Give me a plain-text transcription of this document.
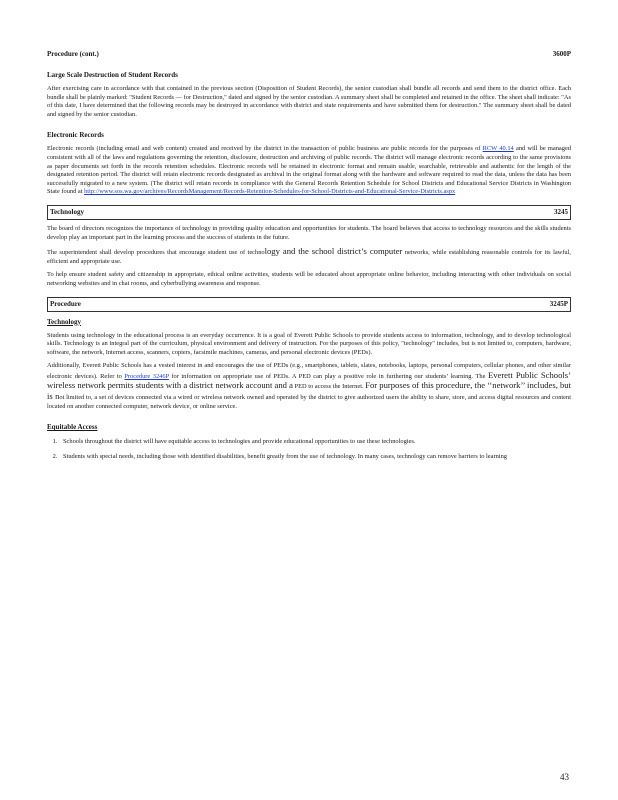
Procedure (cont.)	3600P
Large Scale Destruction of Student Records

After exercising care in accordance with that contained in the previous section (Disposition of Student Records), the senior custodian shall bundle all records and send them to the district office. Each bundle shall be plainly marked: "Student Records — for Destruction," dated and signed by the senior custodian. A summary sheet shall be completed and retained in the office. The sheet shall indicate: "As of this date, I have determined that the following records may be destroyed in accordance with district and state requirements and have submitted them for destruction." The summary sheet shall be dated and signed by the senior custodian.

Electronic Records

Electronic records (including email and web content) created and received by the district in the transaction of public business are public records for the purposes of RCW 40.14 and will be managed consistent with all of the laws and regulations governing the retention, disclosure, destruction and archiving of public records. The district will manage electronic records according to the same provisions as paper documents set forth in the records retention schedules. Electronic records will be retained in electronic format and remain usable, searchable, retrievable and authentic for the length of the designated retention period. The district will retain electronic records designated as archival in the original format along with the hardware and software required to read the data, unless the data has been successfully migrated to a new system. (The district will retain records in compliance with the General Records Retention Schedule for School Districts and Educational Service Districts in Washington State found at http://www.sos.wa.gov/archives/RecordsManagement/Records-Retention-Schedules-for-School-Districts-and-Educational-Service-Districts.aspx

Technology	3245

The board of directors recognizes the importance of technology in providing quality education and opportunities for students. The board believes that access to technology resources and the skills students develop play an important part in the learning process and the success of students in the future.

The superintendent shall develop procedures that encourage student use of technology and the school district’s computer networks, while establishing reasonable controls for its lawful, efficient and appropriate use.

To help ensure student safety and citizenship in appropriate, ethical online activities, students will be educated about appropriate online behavior, including interacting with other individuals on social networking websites and in chat rooms, and cyberbullying awareness and response.

Procedure	3245P
Technology

Students using technology in the educational process is an everyday occurrence. It is a goal of Everett Public Schools to provide students access to information, technology, and to develop technological skills. Technology is an integral part of the curriculum, physical environment and delivery of instruction. For the purposes of this policy, "technology" includes, but is not limited to, computers, hardware, software, the network, Internet access, scanners, copiers, facsimile machines, cameras, and personal electronic devices (PEDs).

Additionally, Everett Public Schools has a vested interest in and encourages the use of PEDs (e.g., smartphones, tablets, slates, notebooks, laptops, personal computers, cellular phones, and other similar electronic devices). Refer to Procedure 3246P for information on appropriate use of PEDs. A PED can play a positive role in furthering our students’ learning. The Everett Public Schools’ wireless network permits students with a district network account and a PED to access the Internet. For purposes of this procedure, the ‘‘network’’ includes, but is not limited to, a set of devices connected via a wired or wireless network owned and operated by the district to give authorized users the ability to share, store, and access digital resources and content located on another connected computer, network device, or online service.

Equitable Access
1. Schools throughout the district will have equitable access to technologies and provide educational opportunities to use these technologies.
2. Students with special needs, including those with identified disabilities, benefit greatly from the use of technology. In many cases, technology can remove barriers to learning
43
